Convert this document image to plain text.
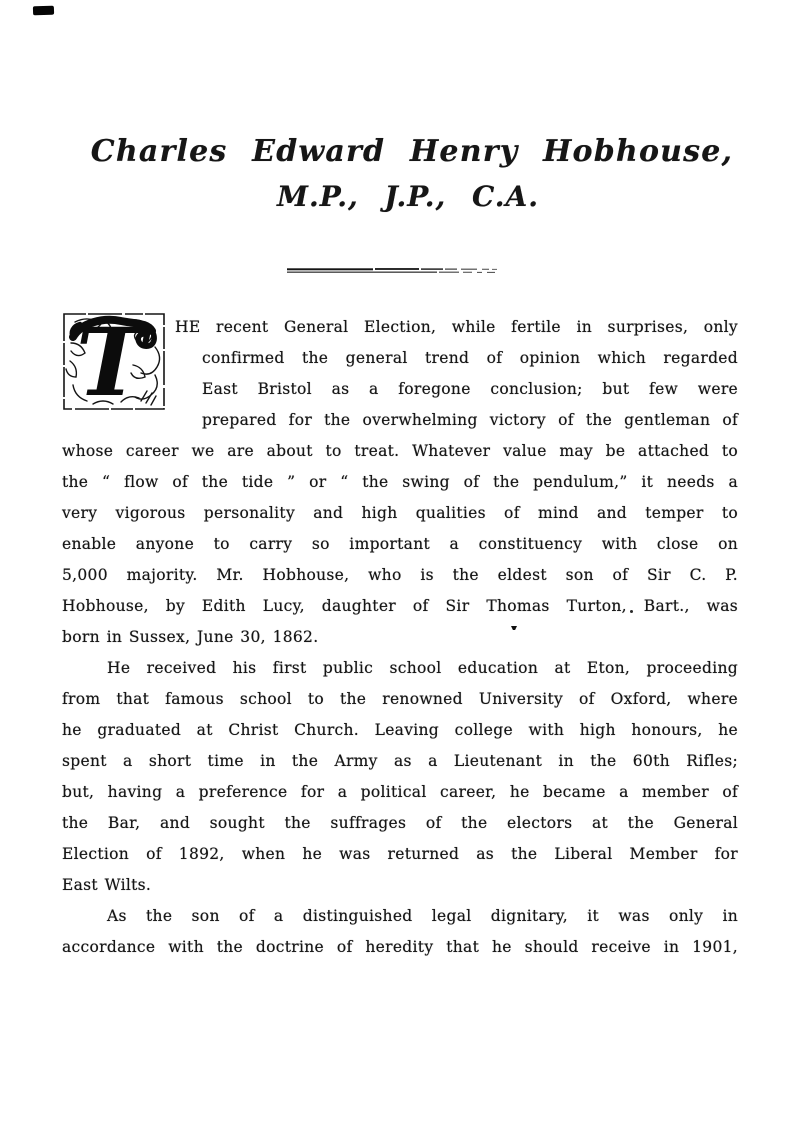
Charles Edward Henry Hobhouse,
M.P., J.P., C.A.
T	HE recent General Election, while fertile in surprises, only
confirmed the general trend of opinion which regarded
East Bristol as a foregone conclusion; but few were
prepared for the overwhelming victory of the gentleman of
whose career we are about to treat. Whatever value may be attached to
the “ flow of the tide ” or “ the swing of the pendulum,” it needs a
very vigorous personality and high qualities of mind and temper to
enable anyone to carry so important a constituency with close on
5,000 majority. Mr. Hobhouse, who is the eldest son of Sir C. P.
Hobhouse, by Edith Lucy, daughter of Sir Thomas Turton, Bart., was
born in Sussex, June 30, 1862.
He received his first public school education at Eton, proceeding
from that famous school to the renowned University of Oxford, where
he graduated at Christ Church. Leaving college with high honours, he
spent a short time in the Army as a Lieutenant in the 60th Rifles;
but, having a preference for a political career, he became a member of
the Bar, and sought the suffrages of the electors at the General
Election of 1892, when he was returned as the Liberal Member for
East Wilts.
As the son of a distinguished legal dignitary, it was only in
accordance with the doctrine of heredity that he should receive in 1901,
